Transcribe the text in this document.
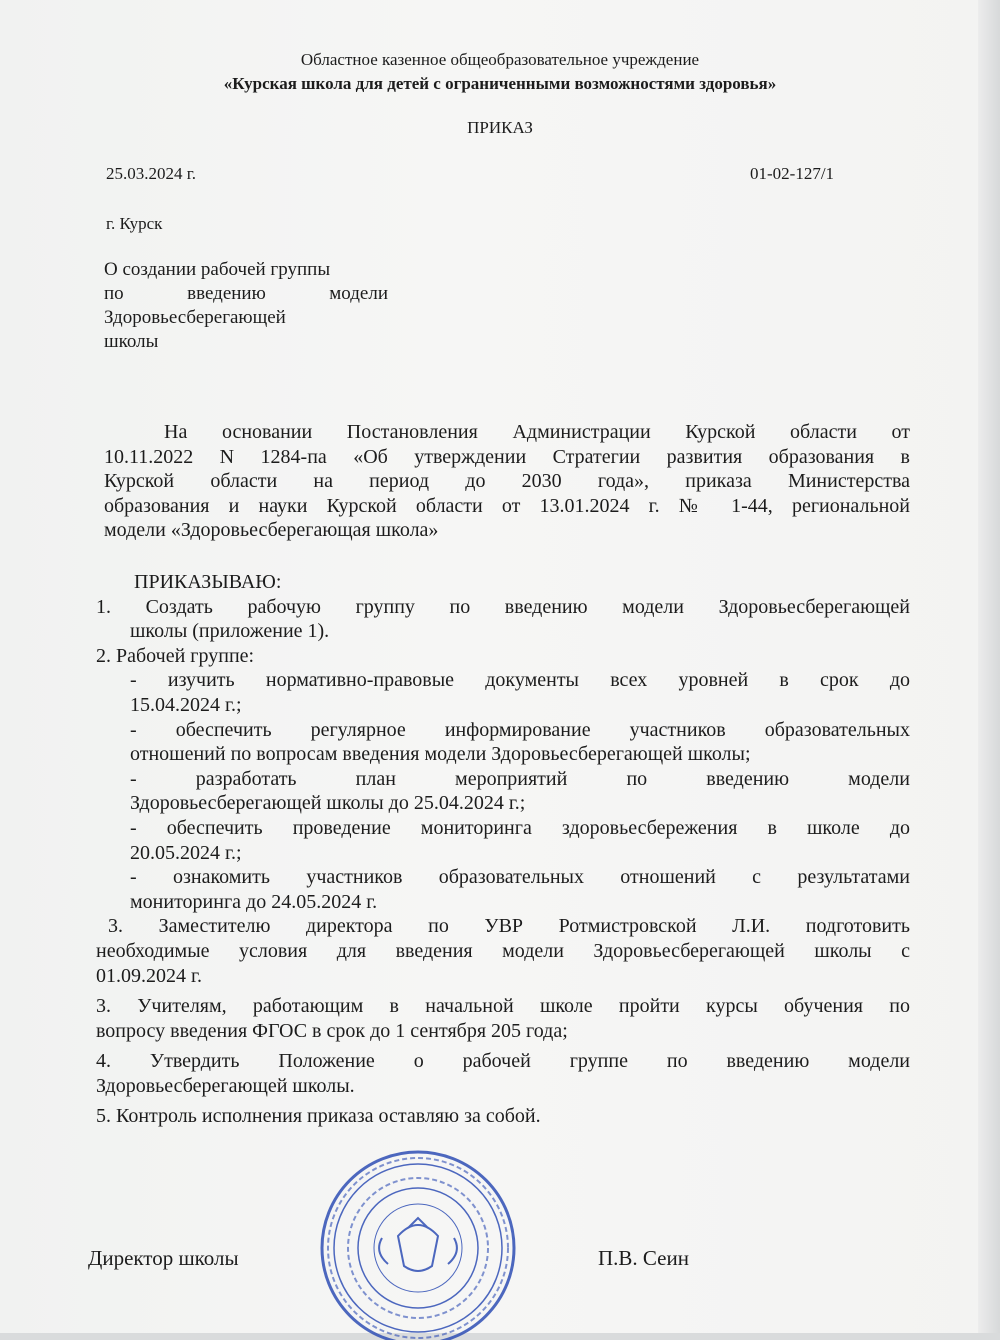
Областное казенное общеобразовательное учреждение
«Курская школа для детей с ограниченными возможностями здоровья»
ПРИКАЗ
25.03.2024 г.	01-02-127/1
г. Курск
О создании рабочей группы
по введению модели
Здоровьесберегающей
школы
На основании Постановления Администрации Курской области от
10.11.2022 N 1284-па «Об утверждении Стратегии развития образования в
Курской области на период до 2030 года», приказа Министерства
образования и науки Курской области от 13.01.2024 г. № 1-44, региональной
модели «Здоровьесберегающая школа»
ПРИКАЗЫВАЮ:
1. Создать рабочую группу по введению модели Здоровьесберегающей
школы (приложение 1).
2. Рабочей группе:
- изучить нормативно-правовые документы всех уровней в срок до
15.04.2024 г.;
- обеспечить регулярное информирование участников образовательных
отношений по вопросам введения модели Здоровьесберегающей школы;
- разработать план мероприятий по введению модели
Здоровьесберегающей школы до 25.04.2024 г.;
- обеспечить проведение мониторинга здоровьесбережения в школе до
20.05.2024 г.;
- ознакомить участников образовательных отношений с результатами
мониторинга до 24.05.2024 г.
3. Заместителю директора по УВР Ротмистровской Л.И. подготовить
необходимые условия для введения модели Здоровьесберегающей школы с
01.09.2024 г.
3. Учителям, работающим в начальной школе пройти курсы обучения по
вопросу введения ФГОС в срок до 1 сентября 205 года;
4. Утвердить Положение о рабочей группе по введению модели
Здоровьесберегающей школы.
5. Контроль исполнения приказа оставляю за собой.
Директор школы	П.В. Сеин
